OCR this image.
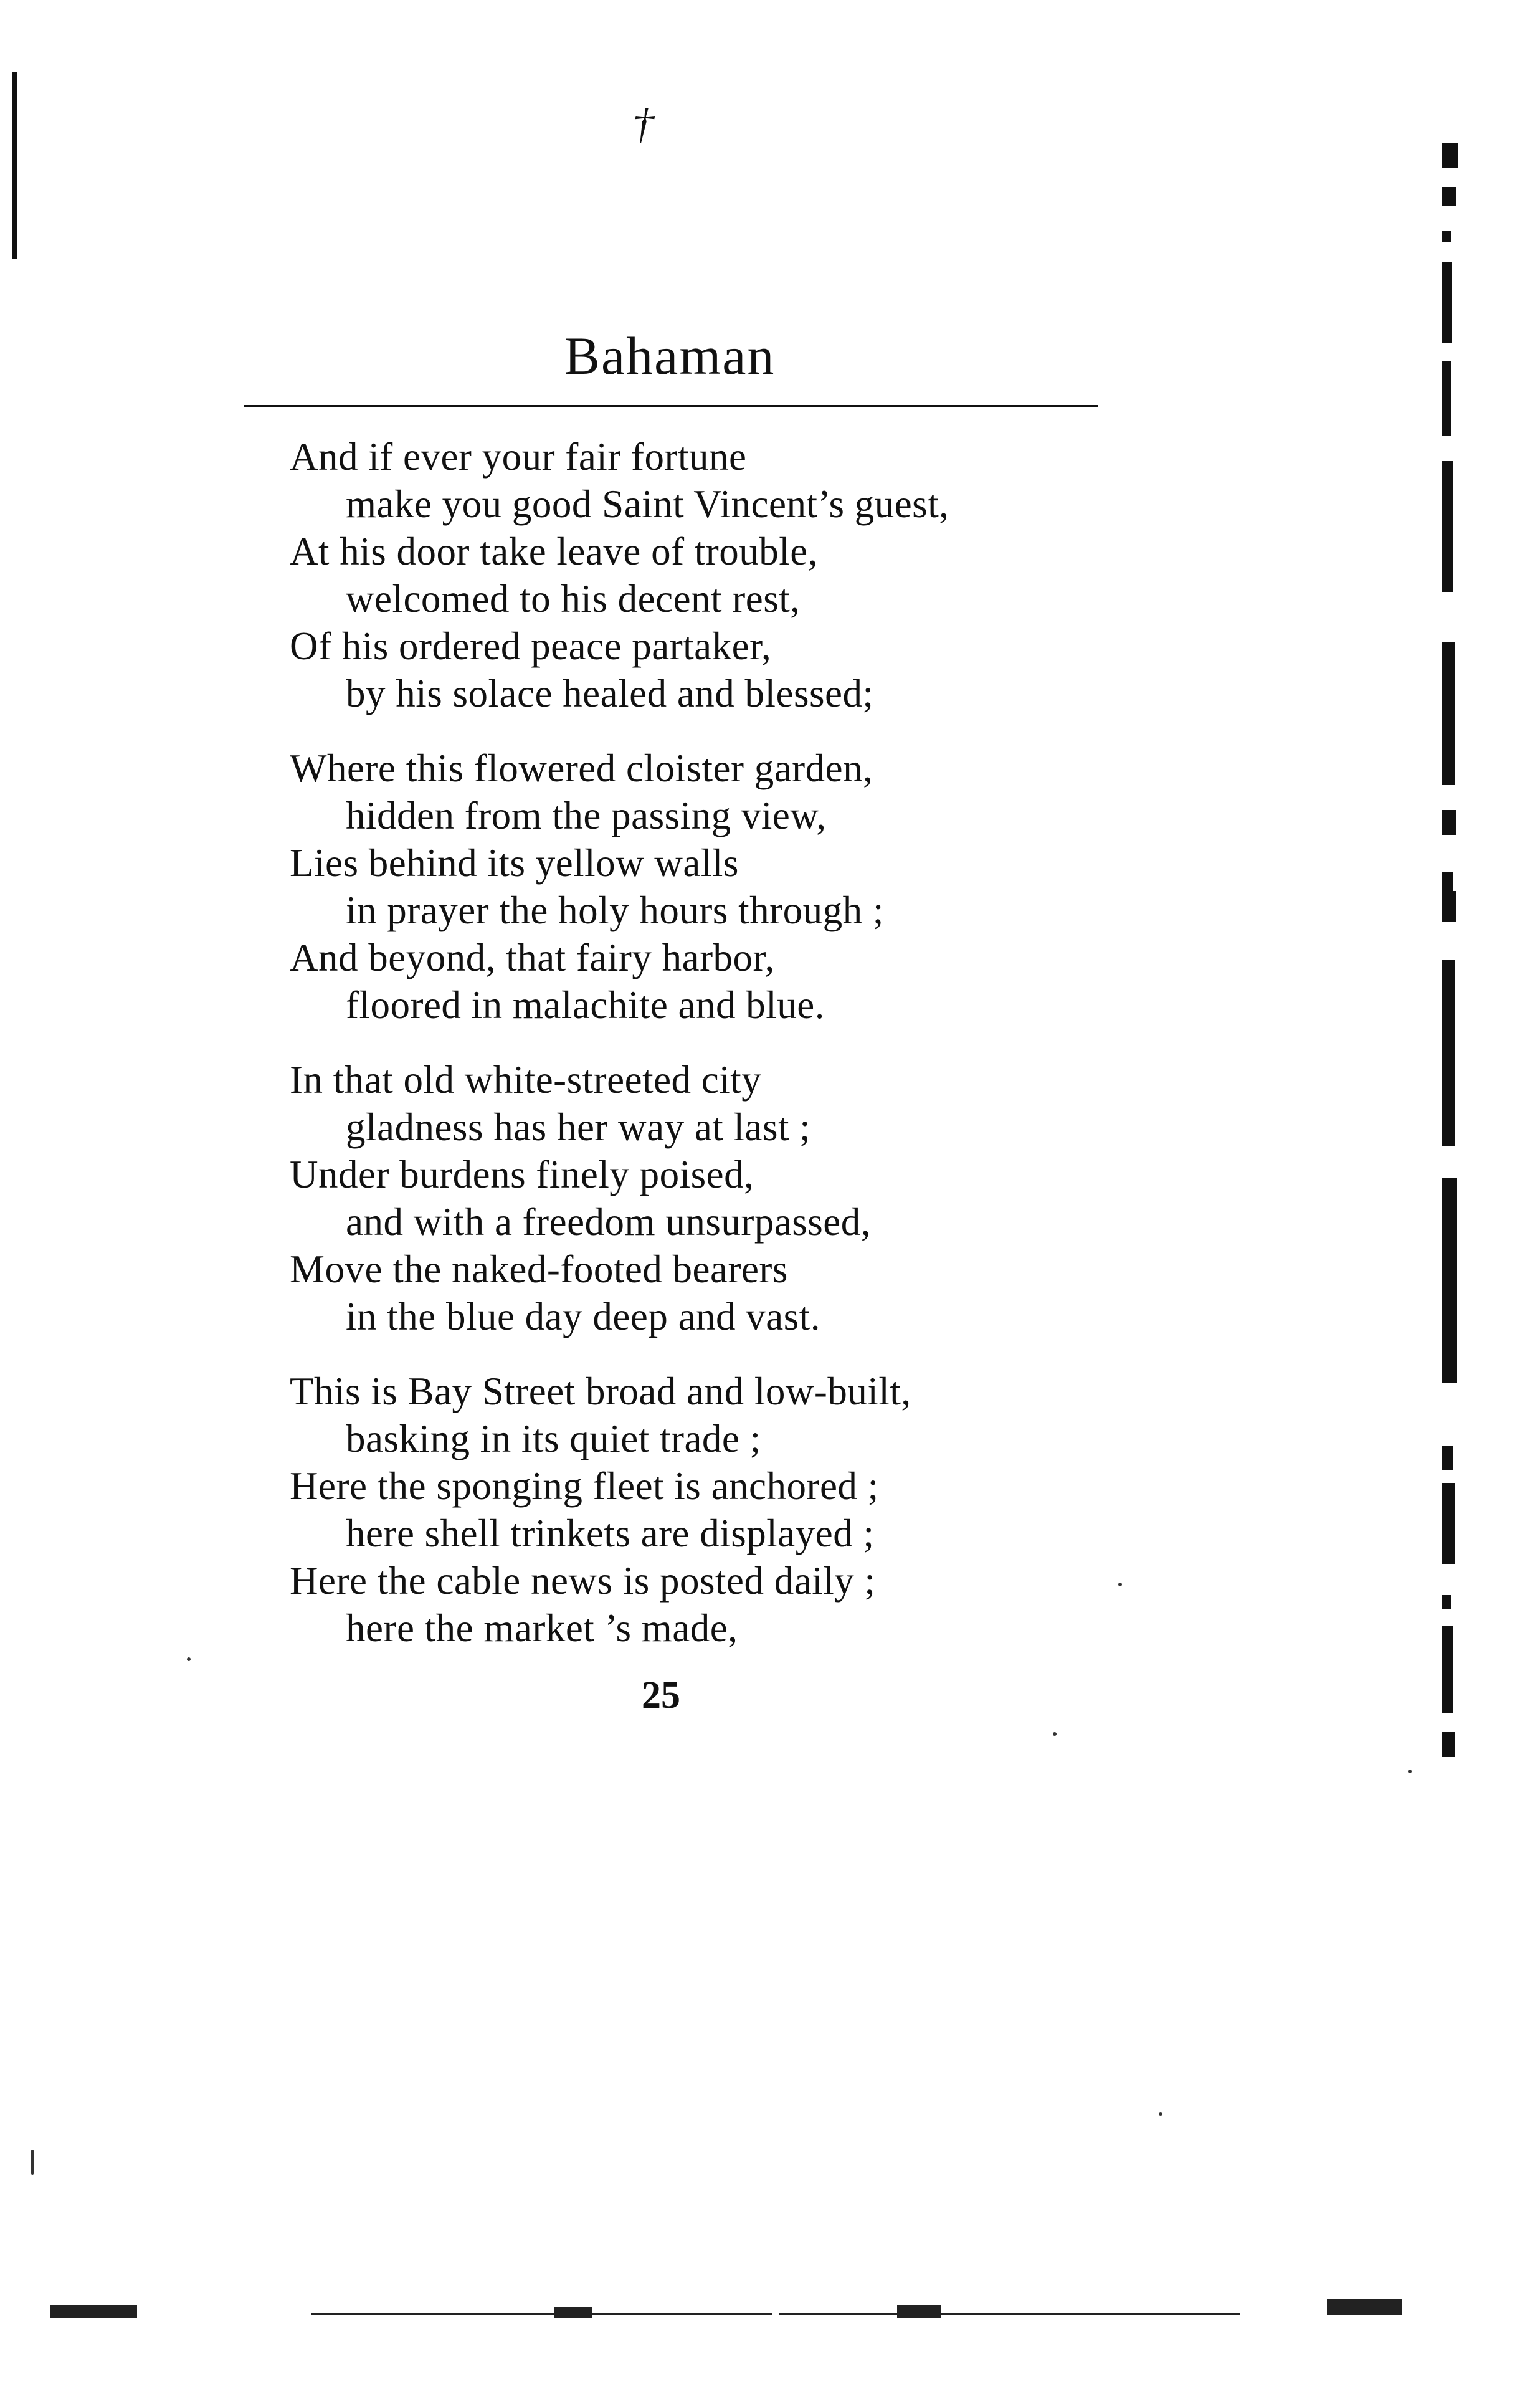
†
Bahaman
And if ever your fair fortune
make you good Saint Vincent’s guest,
At his door take leave of trouble,
welcomed to his decent rest,
Of his ordered peace partaker,
by his solace healed and blessed;
Where this flowered cloister garden,
hidden from the passing view,
Lies behind its yellow walls
in prayer the holy hours through ;
And beyond, that fairy harbor,
floored in malachite and blue.
In that old white-streeted city
gladness has her way at last ;
Under burdens finely poised,
and with a freedom unsurpassed,
Move the naked-footed bearers
in the blue day deep and vast.
This is Bay Street broad and low-built,
basking in its quiet trade ;
Here the sponging fleet is anchored ;
here shell trinkets are displayed ;
Here the cable news is posted daily ;
here the market ’s made,
25
